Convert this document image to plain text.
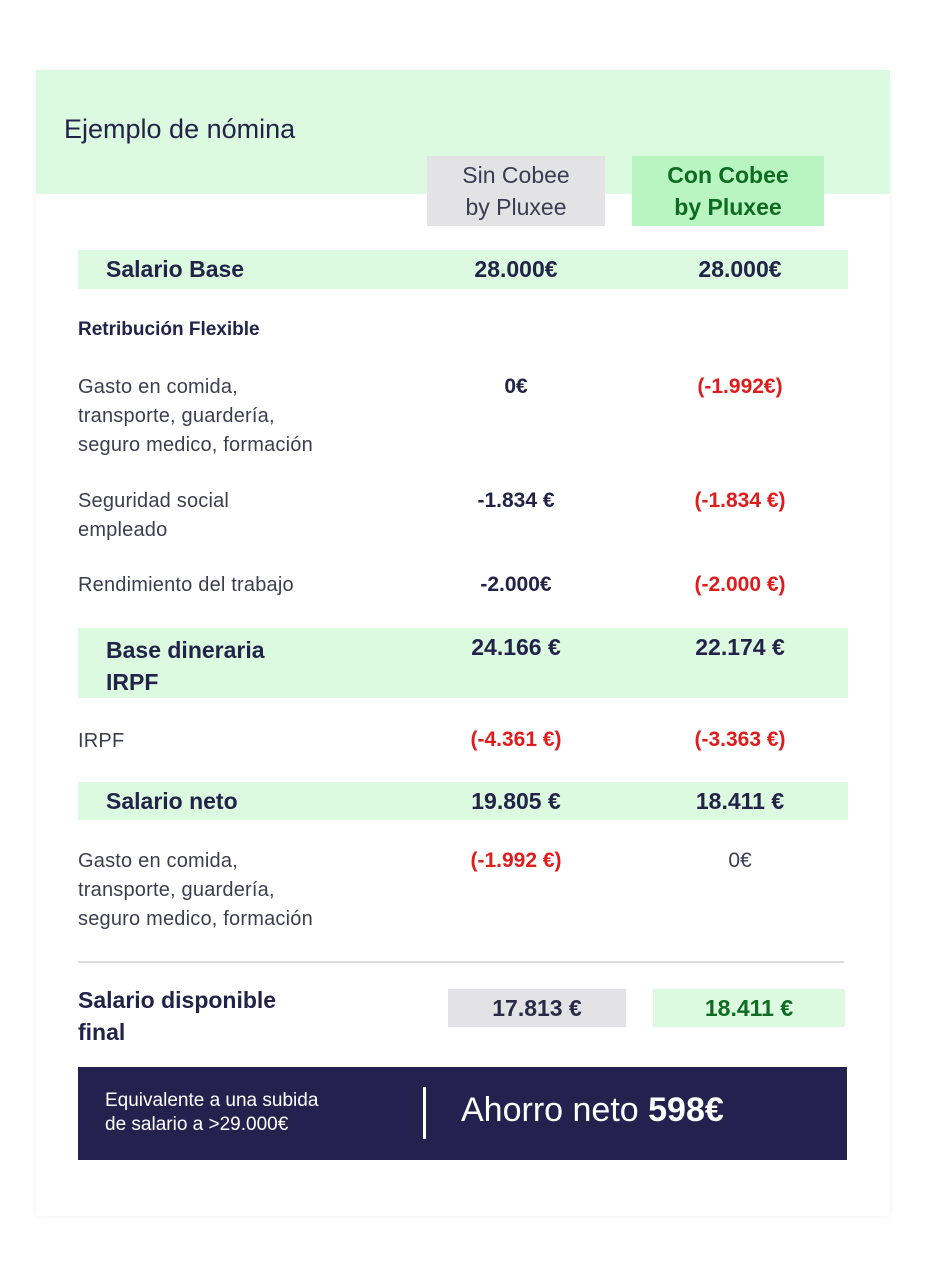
Ejemplo de nómina
Sin Cobee
by Pluxee
Con Cobee
by Pluxee
Salario Base	28.000€	28.000€
Retribución Flexible
Gasto en comida,
transporte, guardería,
seguro medico, formación
0€	(-1.992€)
Seguridad social
empleado
-1.834 €	(-1.834 €)
Rendimiento del trabajo	-2.000€	(-2.000 €)
Base dineraria
IRPF
24.166 €	22.174 €
IRPF	(-4.361 €)	(-3.363 €)
Salario neto	19.805 €	18.411 €
Gasto en comida,
transporte, guardería,
seguro medico, formación
(-1.992 €)	0€
Salario disponible
final
17.813 €	18.411 €
Equivalente a una subida
de salario a >29.000€	Ahorro neto 598€
